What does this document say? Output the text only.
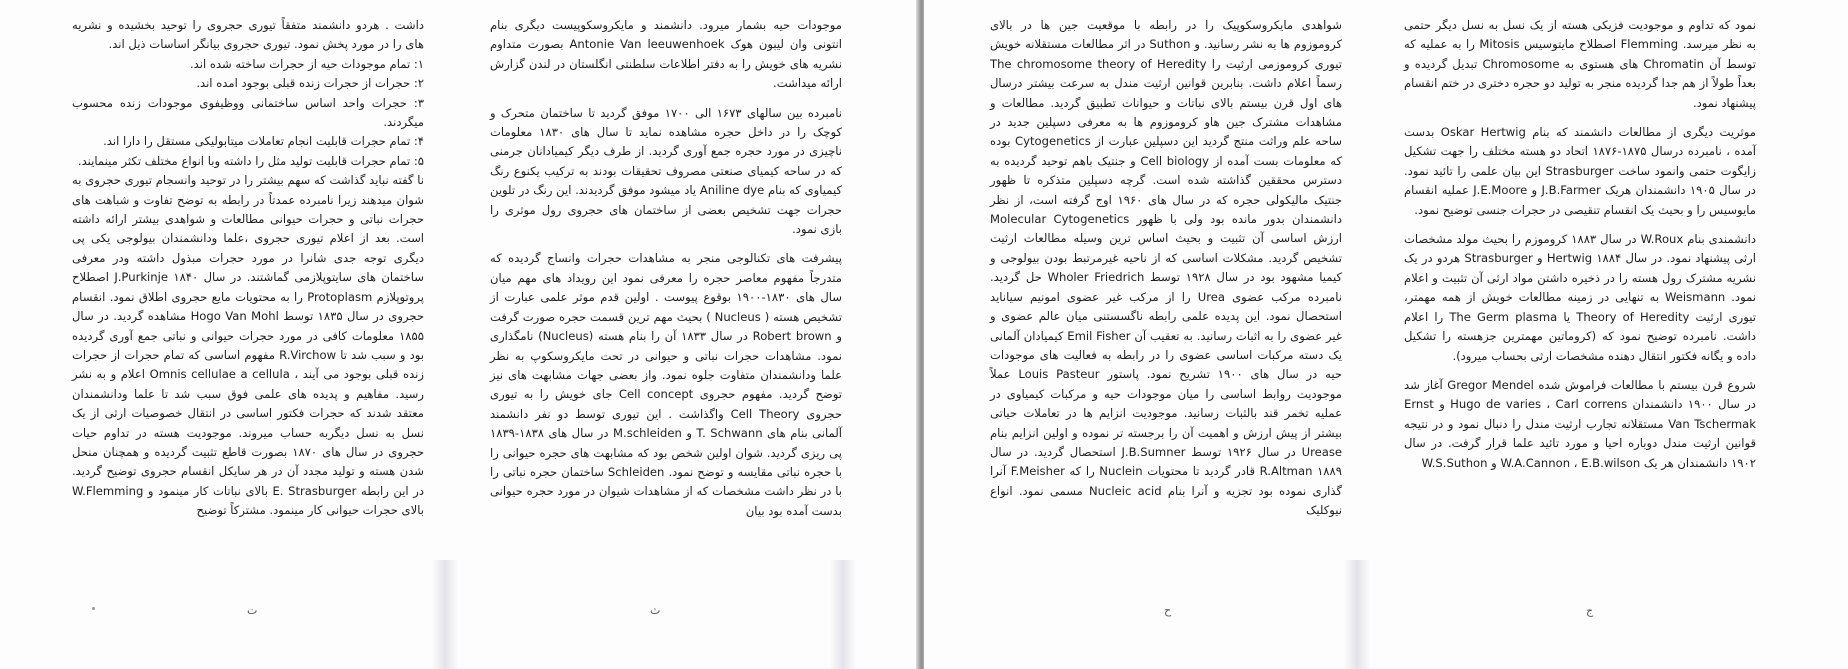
موجودات حیه بشمار میرود. دانشمند و مایکروسکوپیست دیگری بنام انتونی وان لیبون هوک Antonie Van leeuwenhoek بصورت متداوم نشریه های خویش را به دفتر اطلاعات سلطنتی انگلستان در لندن گزارش ارائه میداشت.

نامبرده بین سالهای ۱۶۷۳ الی ۱۷۰۰ موفق گردید تا ساختمان متحرک و کوچک را در داخل حجره مشاهده نماید تا سال های ۱۸۳۰ معلومات ناچیزی در مورد حجره جمع آوری گردید. از طرف دیگر کیمیادانان جرمنی که در ساحه کیمیای صنعتی مصروف تحقیقات بودند به ترکیب یکنوع رنگ کیمیاوی که بنام Aniline dye یاد میشود موفق گردیدند. این رنگ در تلوین حجرات جهت تشخیص بعضی از ساختمان های حجروی رول موثری را بازی نمود.

پیشرفت های تکنالوجی منجر به مشاهدات حجرات وانساج گردیده که متدرجاً مفهوم معاصر حجره را معرفی نمود این رویداد های مهم میان سال های ۱۸۳۰-۱۹۰۰ بوقوع پیوست . اولین قدم موثر علمی عبارت از تشخیص هسته ( Nucleus ) بحیث مهم ترین قسمت حجره صورت گرفت و Robert brown در سال ۱۸۳۳ آن را بنام هسته (Nucleus) نامگذاری نمود. مشاهدات حجرات نباتی و حیوانی در تحت مایکروسکوپ به نظر علما ودانشمندان متفاوت جلوه نمود. واز بعضی جهات مشابهت های نیز توضح گردید. مفهوم حجروی Cell concept جای خویش را به تیوری حجروی Cell Theory واگذاشت . این تیوری توسط دو نفر دانشمند آلمانی بنام های T. Schwann و M.schleiden در سال های ۱۸۳۸-۱۸۳۹ پی ریزی گردید. شوان اولین شخص بود که مشابهت های حجره حیوانی را با حجره نباتی مقایسه و توضح نمود. Schleiden ساختمان حجره نباتی را با در نظر داشت مشخصات که از مشاهدات شیوان در مورد حجره حیوانی بدست آمده بود بیان

داشت . هردو دانشمند متفقاً تیوری حجروی را توحید بخشیده و نشریه های را در مورد پخش نمود. تیوری حجروی بیانگر اساسات ذیل اند.

۱: تمام موجودات حیه از حجرات ساخته شده اند.

۲: حجرات از حجرات زنده قبلی بوجود امده اند.

۳: حجرات واحد اساس ساختمانی ووظیفوی موجودات زنده محسوب میگردند.

۴: تمام حجرات قابلیت انجام تعاملات میتابولیکی مستقل را دارا اند.

۵: تمام حجرات قابلیت تولید مثل را داشته وبا انواع مختلف تکثر مینمایند.

نا گفته نباید گذاشت که سهم بیشتر را در توحید وانسجام تیوری حجروی به شوان میدهند زیرا نامبرده عمدتاً در رابطه به توضح تفاوت و شباهت های حجرات نباتی و حجرات حیوانی مطالعات و شواهدی بیشتر ارائه داشته است. بعد از اعلام تیوری حجروی ،علما ودانشمندان بیولوجی یکی پی دیگری توجه جدی شانرا در مورد حجرات مبذول داشته ودر معرفی ساختمان های سایتوپلازمی گماشتند. در سال ۱۸۴۰ J.Purkinje اصطلاح پروتوپلازم Protoplasm را به محتویات مایع حجروی اطلاق نمود. انقسام حجروی در سال ۱۸۳۵ توسط Hogo Van Mohl مشاهده گردید. در سال ۱۸۵۵ معلومات کافی در مورد حجرات حیوانی و نباتی جمع آوری گردیده بود و سبب شد تا R.Virchow مفهوم اساسی که تمام حجرات از حجرات زنده قبلی بوجود می آیند ، Omnis cellulae a cellula اعلام و به نشر رسید. مفاهیم و پدیده های علمی فوق سبب شد تا علما ودانشمندان معتقد شدند که حجرات فکتور اساسی در انتقال خصوصیات ارثی از یک نسل به نسل دیگربه حساب میروند. موجودیت هسته در تداوم حیات حجروی در سال های ۱۸۷۰ بصورت قاطع تثبیت گردیده و همچنان منحل شدن هسته و تولید مجدد آن در هر سایکل انقسام حجروی توضیح گردید. در این رابطه E. Strasburger بالای نباتات کار مینمود و W.Flemming بالای حجرات حیوانی کار مینمود. مشترکاً توضیح

ث
ت

نمود که تداوم و موجودیت فزیکی هسته از یک نسل به نسل دیگر حتمی به نظر میرسد. Flemming اصطلاح مایتوسیس Mitosis را به عملیه که توسط آن Chromatin های هستوی به Chromosome تبدیل گردیده و بعداً طولاً از هم جدا گردیده منجر به تولید دو حجره دختری در ختم انقسام پیشنهاد نمود.

موثریت دیگری از مطالعات دانشمند که بنام Oskar Hertwig بدست آمده ، نامبرده درسال ۱۸۷۵-۱۸۷۶ اتحاد دو هسته مختلف را جهت تشکیل زایگوت حتمی وانمود ساخت Strasburger این بیان علمی را تائید نمود. در سال ۱۹۰۵ دانشمندان هریک J.B.Farmer و J.E.Moore عملیه انقسام مایوسیس را و بحیث یک انقسام تنقیصی در حجرات جنسی توضیح نمود.

دانشمندی بنام W.Roux در سال ۱۸۸۳ کروموزم را بحیث مولد مشخصات ارثی پیشنهاد نمود. در سال ۱۸۸۴ Hertwig و Strasburger هردو در یک نشریه مشترک رول هسته را در ذخیره داشتن مواد ارثی آن تثبیت و اعلام نمود. Weismann به تنهایی در زمینه مطالعات خویش از همه مهمتر، تیوری ارثیت Theory of Heredity یا The Germ plasma را اعلام داشت. نامبرده توضیح نمود که (کروماتین مهمترین جزهسته را تشکیل داده و یگانه فکتور انتقال دهنده مشخصات ارثی بحساب میرود).

شروع قرن بیستم با مطالعات فراموش شده Gregor Mendel آغاز شد در سال ۱۹۰۰ دانشمندان Hugo de varies ، Carl correns و Ernst Van Tschermak مستقلانه تجارب ارثیت مندل را دنبال نمود و در نتیجه قوانین ارثیت مندل دوباره احیا و مورد تائید علما قرار گرفت. در سال ۱۹۰۲ دانشمندان هر یک W.A.Cannon ، E.B.wilson و W.S.Suthon

شواهدی مایکروسکوپیک را در رابطه با موقعیت جین ها در بالای کروموزوم ها به نشر رسانید. و Suthon در اثر مطالعات مستقلانه خویش تیوری کروموزمی ارثیت را The chromosome theory of Heredity رسماً اعلام داشت. بنابرین قوانین ارثیت مندل به سرعت بیشتر درسال های اول قرن بیستم بالای نباتات و حیوانات تطبیق گردید. مطالعات و مشاهدات مشترک جین هاو کروموزوم ها به معرفی دسپلین جدید در ساحه علم وراثت منتج گردید این دسپلین عبارت از Cytogenetics بوده که معلومات بست آمده از Cell biology و جنتیک باهم توحید گردیده به دسترس محققین گذاشته شده است. گرچه دسپلین متذکره تا ظهور جنتیک مالیکولی حجره که در سال های ۱۹۶۰ اوج گرفته است، از نظر دانشمندان بدور مانده بود ولی با ظهور Molecular Cytogenetics ارزش اساسی آن تثبیت و بحیث اساس ترین وسیله مطالعات ارثیت تشخیص گردید. مشکلات اساسی که از ناحیه غیرمرتبط بودن بیولوجی و کیمیا مشهود بود در سال ۱۹۲۸ توسط Wholer Friedrich حل گردید. نامبرده مرکب عضوی Urea را از مرکب غیر عضوی امونیم سیاناید استحصال نمود. این پدیده علمی رابطه ناگسستنی میان عالم عضوی و غیر عضوی را به اثبات رسانید. به تعقیب آن Emil Fisher کیمیادان آلمانی یک دسته مرکبات اساسی عضوی را در رابطه به فعالیت های موجودات حیه در سال های ۱۹۰۰ تشریح نمود. پاستور Louis Pasteur عملاً موجودیت روابط اساسی را میان موجودات حیه و مرکبات کیمیاوی در عملیه تخمر قند بالثبات رسانید. موجودیت انزایم ها در تعاملات حیاتی بیشتر از پیش ارزش و اهمیت آن را برجسته تر نموده و اولین انزایم بنام Urease در سال ۱۹۲۶ توسط J.B.Sumner استحصال گردید. در سال ۱۸۸۹ R.Altman قادر گردید تا محتویات Nuclein را که F.Meisher آنرا گذاری نموده بود تجزیه و آنرا بنام Nucleic acid مسمی نمود. انواع نیوکلیک

ج
ح
